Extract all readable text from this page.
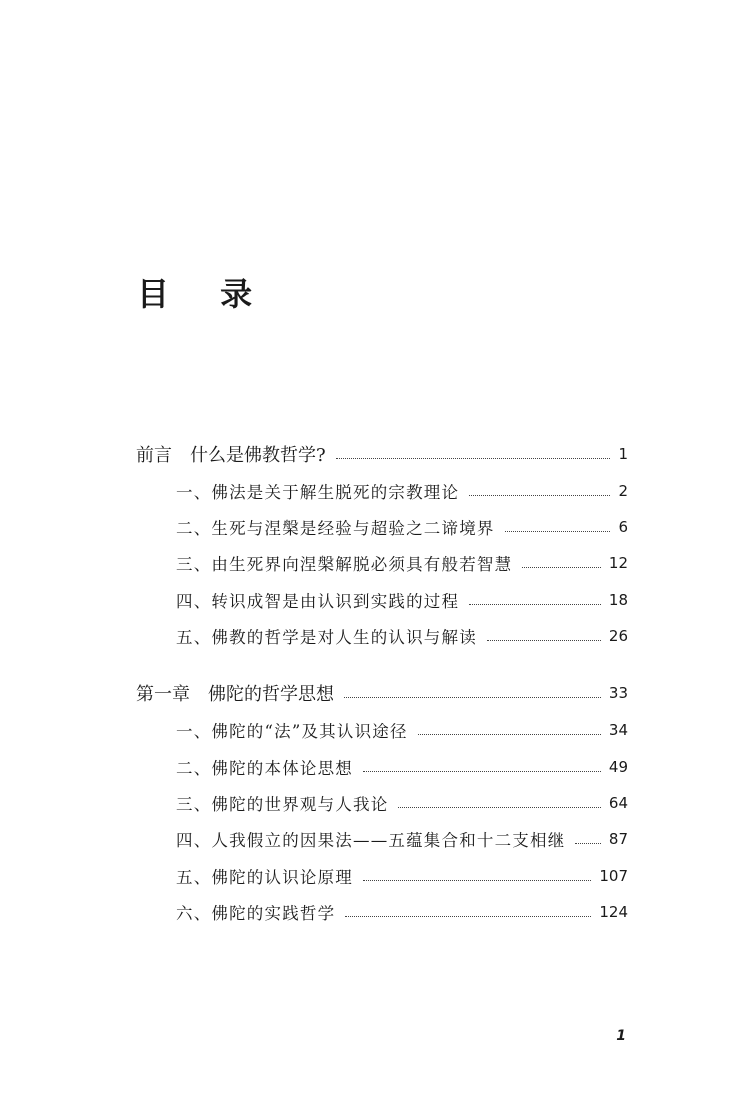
目 录
前言 什么是佛教哲学?	1
一、佛法是关于解生脱死的宗教理论	2
二、生死与涅槃是经验与超验之二谛境界	6
三、由生死界向涅槃解脱必须具有般若智慧	12
四、转识成智是由认识到实践的过程	18
五、佛教的哲学是对人生的认识与解读	26
第一章 佛陀的哲学思想	33
一、佛陀的“法”及其认识途径	34
二、佛陀的本体论思想	49
三、佛陀的世界观与人我论	64
四、人我假立的因果法——五蕴集合和十二支相继	87
五、佛陀的认识论原理	107
六、佛陀的实践哲学	124
1
